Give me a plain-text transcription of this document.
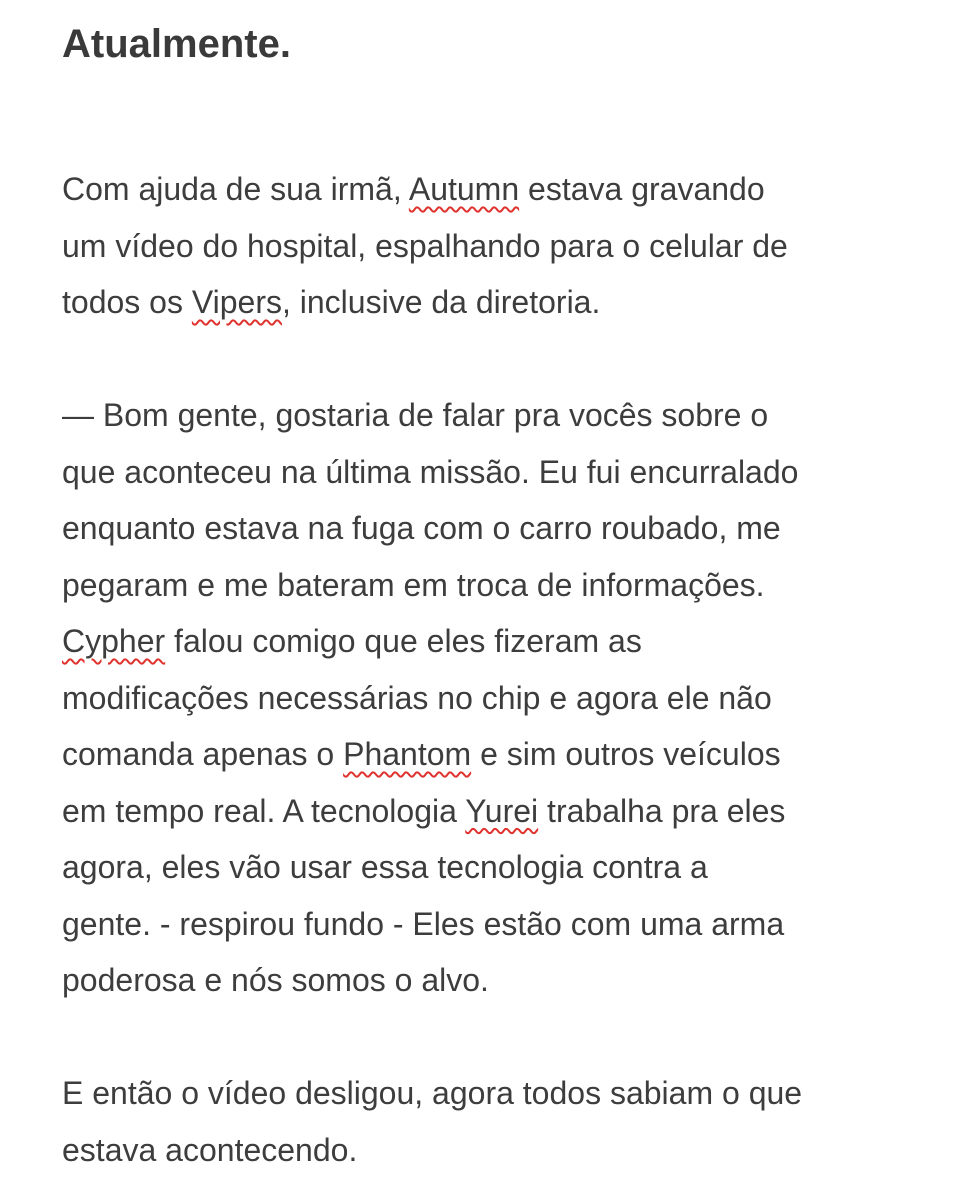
Atualmente.

Com ajuda de sua irmã, Autumn estava gravando
um vídeo do hospital, espalhando para o celular de
todos os Vipers, inclusive da diretoria.

— Bom gente, gostaria de falar pra vocês sobre o
que aconteceu na última missão. Eu fui encurralado
enquanto estava na fuga com o carro roubado, me
pegaram e me bateram em troca de informações.
Cypher falou comigo que eles fizeram as
modificações necessárias no chip e agora ele não
comanda apenas o Phantom e sim outros veículos
em tempo real. A tecnologia Yurei trabalha pra eles
agora, eles vão usar essa tecnologia contra a
gente. - respirou fundo - Eles estão com uma arma
poderosa e nós somos o alvo.

E então o vídeo desligou, agora todos sabiam o que
estava acontecendo.
